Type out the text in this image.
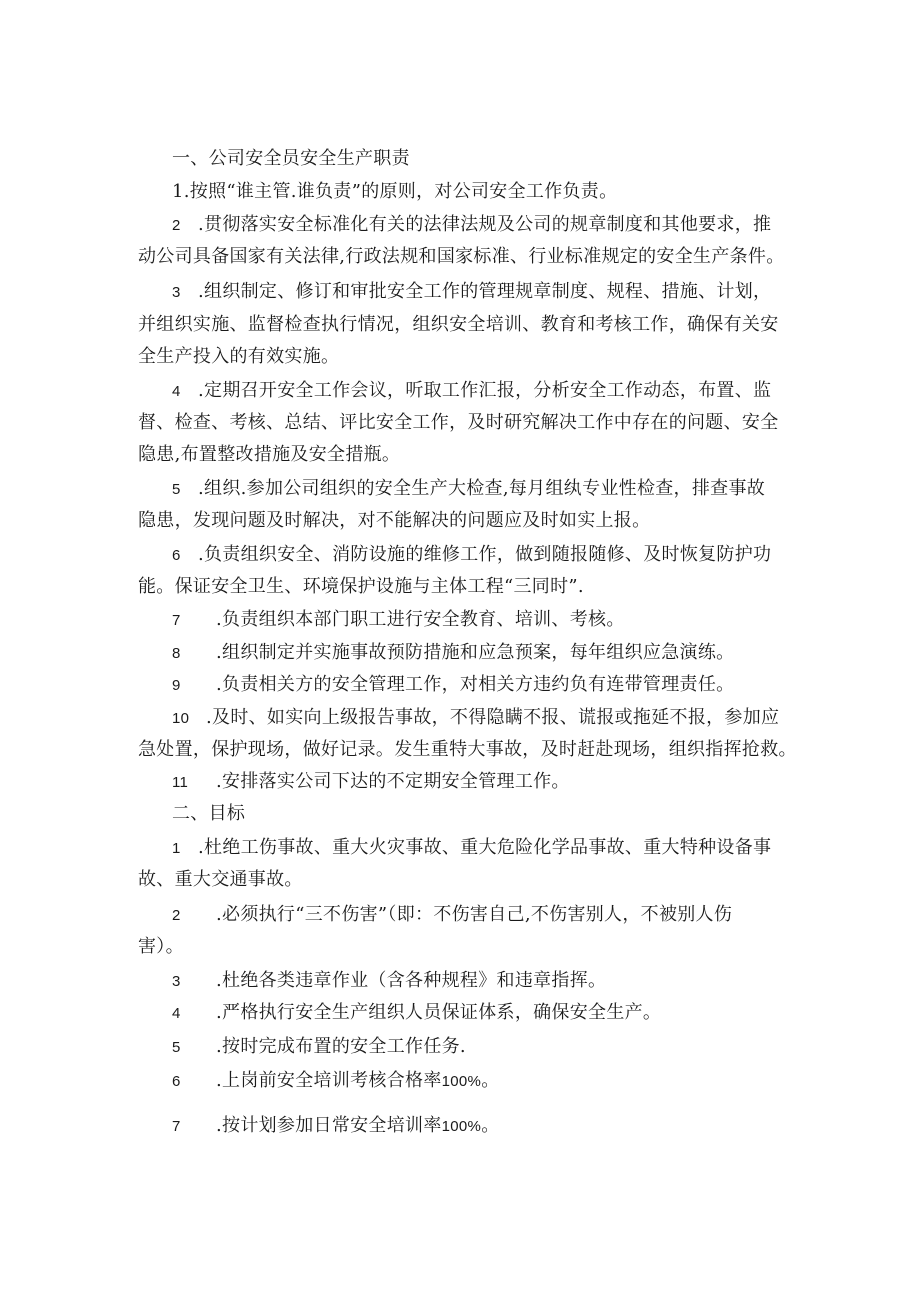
一、公司安全员安全生产职责
1.按照“谁主管.谁负责”的原则，对公司安全工作负责。
2 .贯彻落实安全标准化有关的法律法规及公司的规章制度和其他要求，推
动公司具备国家有关法律,行政法规和国家标准、行业标准规定的安全生产条件。
3 .组织制定、修订和审批安全工作的管理规章制度、规程、措施、计划，
并组织实施、监督检查执行情况，组织安全培训、教育和考核工作，确保有关安
全生产投入的有效实施。
4 .定期召开安全工作会议，听取工作汇报，分析安全工作动态，布置、监
督、检查、考核、总结、评比安全工作，及时研究解决工作中存在的问题、安全
隐患,布置整改措施及安全措瓶。
5 .组织.参加公司组织的安全生产大检查,每月组纨专业性检查，排查事故
隐患，发现问题及时解决，对不能解决的问题应及时如实上报。
6 .负责组织安全、消防设施的维修工作，做到随报随修、及时恢复防护功
能。保证安全卫生、环境保护设施与主体工程“三同时”.
7 .负责组织本部门职工进行安全教育、培训、考核。
8 .组织制定并实施事故预防措施和应急预案，每年组织应急演练。
9 .负责相关方的安全管理工作，对相关方违约负有连带管理责任。
10 .及时、如实向上级报告事故，不得隐瞒不报、谎报或拖延不报，参加应
急处置，保护现场，做好记录。发生重特大事故，及时赶赴现场，组织指挥抢救。
11 .安排落实公司下达的不定期安全管理工作。
二、目标
1 .杜绝工伤事故、重大火灾事故、重大危险化学品事故、重大特种设备事
故、重大交通事故。
2 .必须执行“三不伤害”（即：不伤害自己,不伤害别人，不被别人伤
害）。
3 .杜绝各类违章作业（含各种规程》和违章指挥。
4 .严格执行安全生产组织人员保证体系，确保安全生产。
5 .按时完成布置的安全工作任务.
6 .上岗前安全培训考核合格率100%。
7 .按计划参加日常安全培训率100%。
